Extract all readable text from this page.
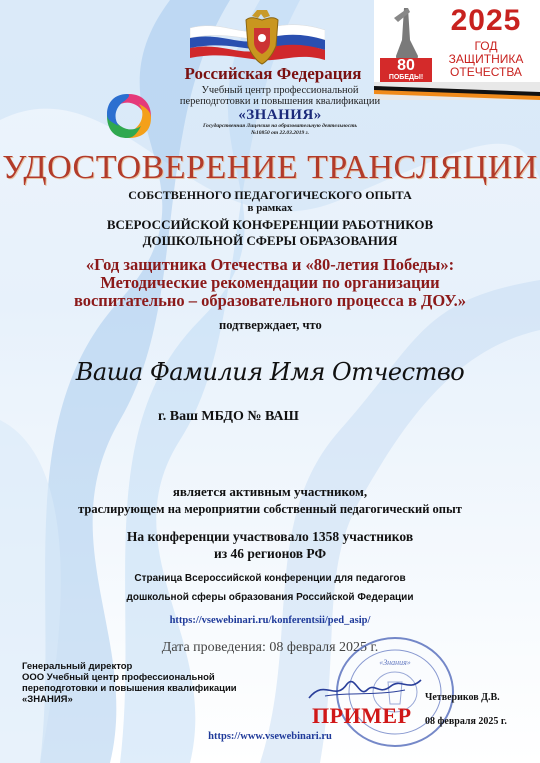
80
ПОБЕДЫ!
2025
ГОД
ЗАЩИТНИКА
ОТЕЧЕСТВА
Российская Федерация
Учебный центр профессиональной
переподготовки и повышения квалификации
«ЗНАНИЯ»
Государственная Лицензия на образовательную деятельность
№10850 от 22.03.2019 г.
УДОСТОВЕРЕНИЕ ТРАНСЛЯЦИИ
СОБСТВЕННОГО ПЕДАГОГИЧЕСКОГО ОПЫТА
в рамках
ВСЕРОССИЙСКОЙ КОНФЕРЕНЦИИ РАБОТНИКОВ
ДОШКОЛЬНОЙ СФЕРЫ ОБРАЗОВАНИЯ
«Год защитника Отечества и «80-летия Победы»:
Методические рекомендации по организации
воспитательно – образовательного процесса в ДОУ.»
подтверждает, что
Ваша Фамилия Имя Отчество
г. Ваш МБДО № ВАШ
является активным участником,
траслирующем на мероприятии собственный педагогический опыт
На конференции участвовало 1358 участников
из 46 регионов РФ
Страница Всероссийской конференции для педагогов
дошкольной сферы образования Российской Федерации
https://vsewebinari.ru/konferentsii/ped_asip/
Дата проведения: 08 февраля 2025 г.
Генеральный директор
ООО Учебный центр профессиональной
переподготовки и повышения квалификации
«ЗНАНИЯ»
«Знания»
ПРИМЕР
Четвериков Д.В.
08 февраля 2025 г.
https://www.vsewebinari.ru
